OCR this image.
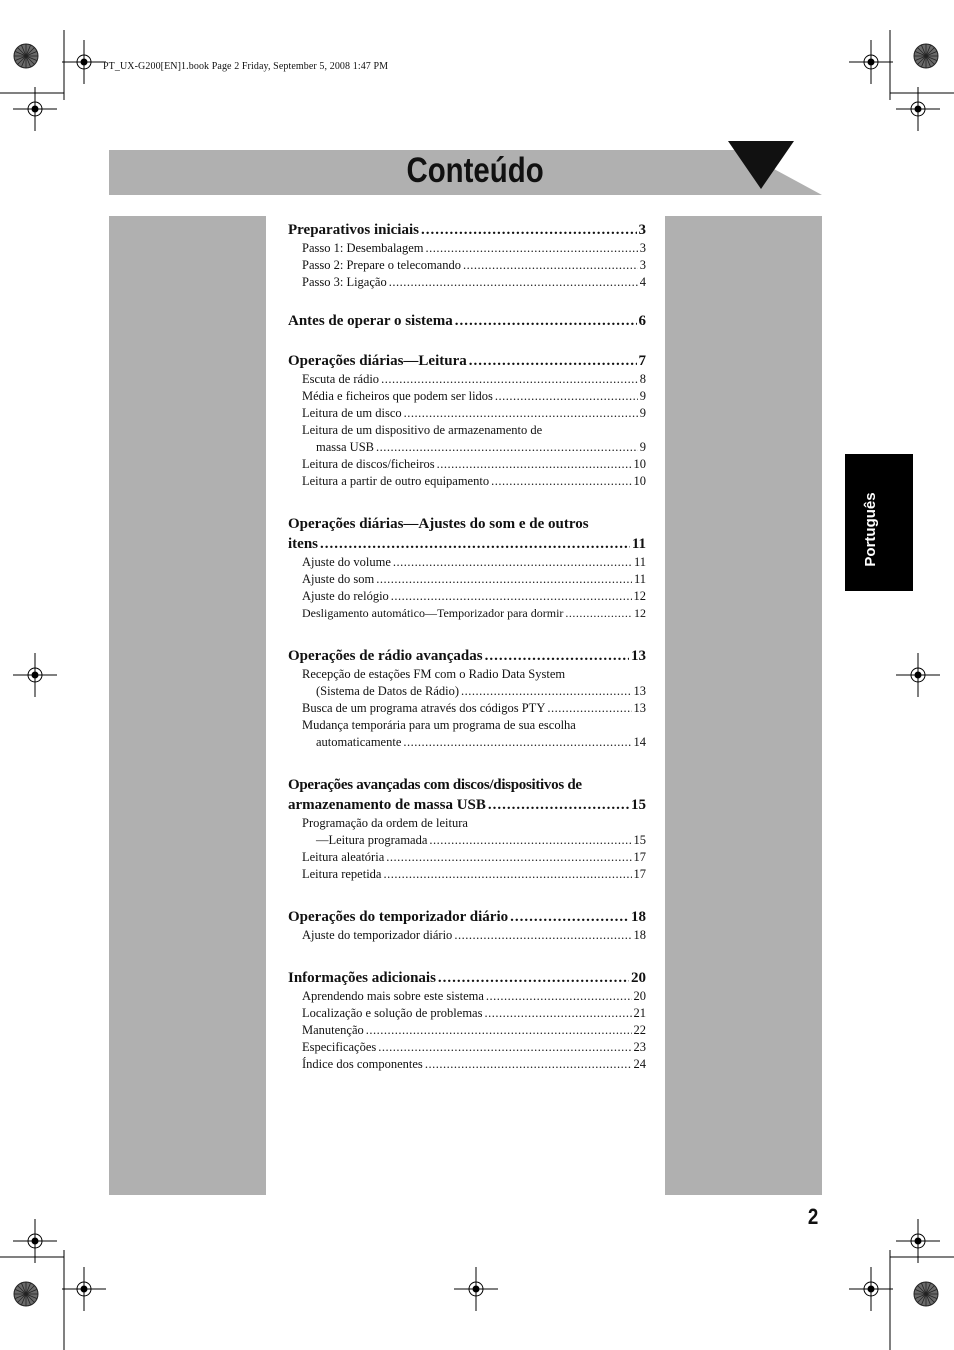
PT_UX-G200[EN]1.book Page 2 Friday, September 5, 2008 1:47 PM
Conteúdo
Português
Preparativos iniciais .....	3
Passo 1: Desembalagem .....	3
Passo 2: Prepare o telecomando .....	3
Passo 3: Ligação .....	4
Antes de operar o sistema .....	6
Operações diárias—Leitura .....	7
Escuta de rádio .....	8
Média e ficheiros que podem ser lidos .....	9
Leitura de um disco .....	9
Leitura de um dispositivo de armazenamento de
massa USB .....	9
Leitura de discos/ficheiros .....	10
Leitura a partir de outro equipamento .....	10
Operações diárias—Ajustes do som e de outros
itens .....	11
Ajuste do volume .....	11
Ajuste do som .....	11
Ajuste do relógio .....	12
Desligamento automático—Temporizador para dormir .....	12
Operações de rádio avançadas .....	13
Recepção de estações FM com o Radio Data System
(Sistema de Datos de Rádio) .....	13
Busca de um programa através dos códigos PTY .....	13
Mudança temporária para um programa de sua escolha
automaticamente .....	14
Operações avançadas com discos/dispositivos de
armazenamento de massa USB .....	15
Programação da ordem de leitura
—Leitura programada .....	15
Leitura aleatória .....	17
Leitura repetida .....	17
Operações do temporizador diário .....	18
Ajuste do temporizador diário .....	18
Informações adicionais .....	20
Aprendendo mais sobre este sistema .....	20
Localização e solução de problemas .....	21
Manutenção .....	22
Especificações .....	23
Índice dos componentes .....	24
2
